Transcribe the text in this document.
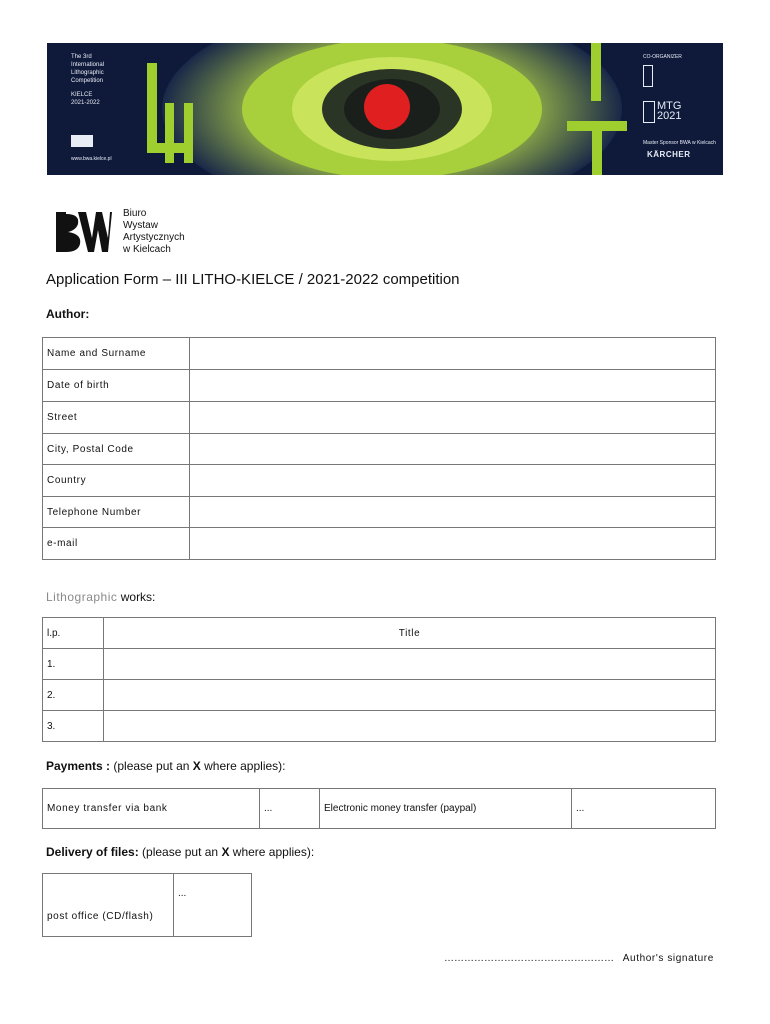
The 3rd
International
Lithographic
Competition
KIELCE
2021-2022
www.bwa.kielce.pl
CO-ORGANIZER
MTG
2021
Master Sponsor BWA w Kielcach
KÄRCHER
Biuro
Wystaw
Artystycznych
w Kielcach
Application Form – III LITHO-KIELCE / 2021-2022 competition
Author:
Name and Surname	
Date of birth	
Street	
City, Postal Code	
Country	
Telephone Number	
e-mail	
Lithographic works:
l.p.	Title
1.	
2.	
3.	
Payments : (please put an X where applies):
Money transfer via bank	...	Electronic money transfer (paypal)	...
Delivery of files: (please put an X where applies):
post office (CD/flash)	...
…………………………………………… Author's signature
